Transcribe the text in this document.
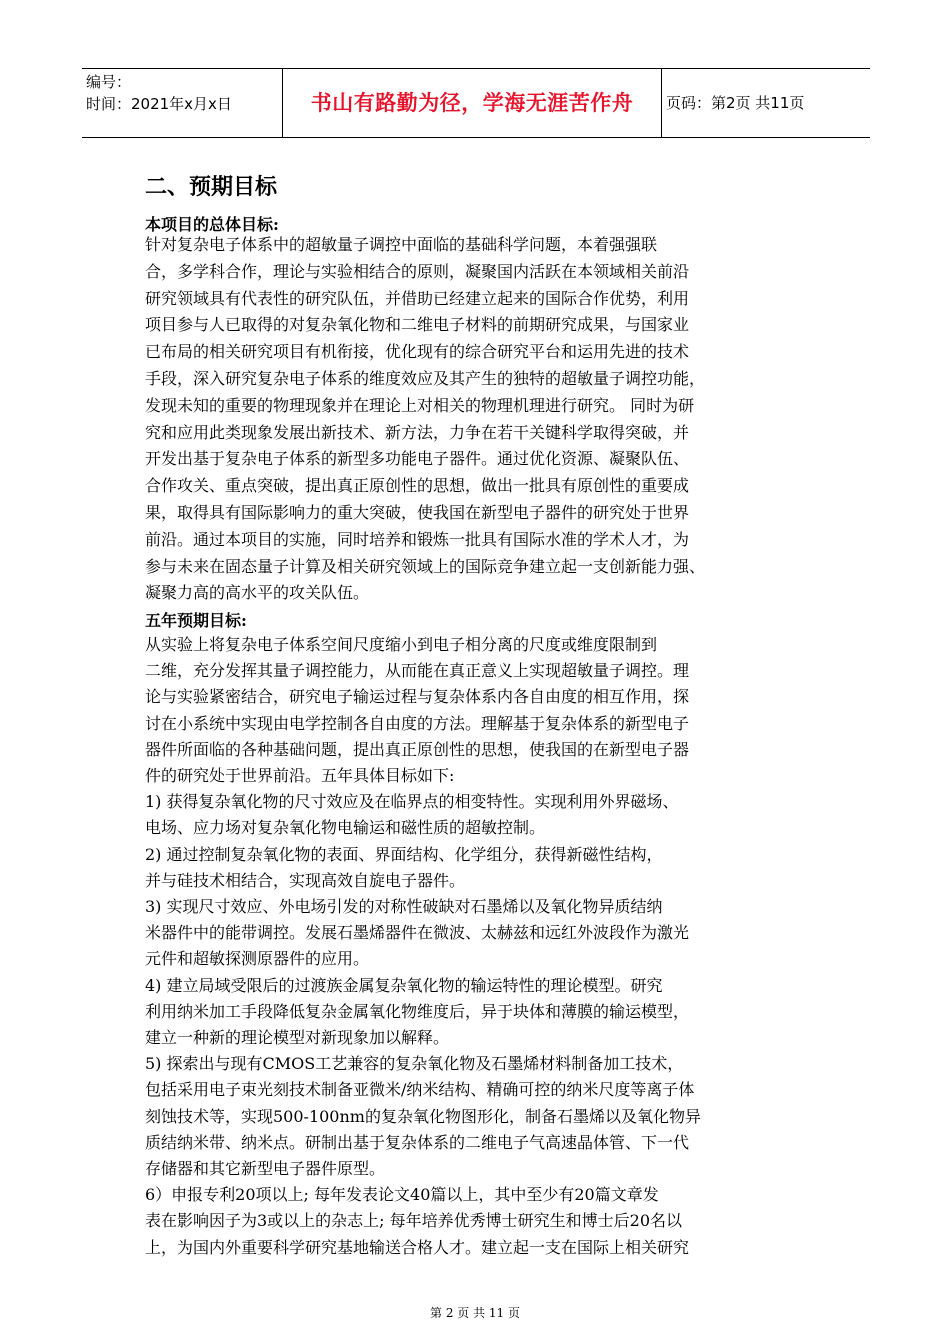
编号：
时间：2021年x月x日	书山有路勤为径，学海无涯苦作舟	页码：第2页 共11页
二、预期目标
本项目的总体目标:
针对复杂电子体系中的超敏量子调控中面临的基础科学问题，本着强强联
合，多学科合作，理论与实验相结合的原则，凝聚国内活跃在本领域相关前沿
研究领域具有代表性的研究队伍，并借助已经建立起来的国际合作优势，利用
项目参与人已取得的对复杂氧化物和二维电子材料的前期研究成果，与国家业
已布局的相关研究项目有机衔接，优化现有的综合研究平台和运用先进的技术
手段，深入研究复杂电子体系的维度效应及其产生的独特的超敏量子调控功能，
发现未知的重要的物理现象并在理论上对相关的物理机理进行研究。 同时为研
究和应用此类现象发展出新技术、新方法，力争在若干关键科学取得突破，并
开发出基于复杂电子体系的新型多功能电子器件。通过优化资源、凝聚队伍、
合作攻关、重点突破，提出真正原创性的思想，做出一批具有原创性的重要成
果，取得具有国际影响力的重大突破，使我国在新型电子器件的研究处于世界
前沿。通过本项目的实施，同时培养和锻炼一批具有国际水准的学术人才，为
参与未来在固态量子计算及相关研究领域上的国际竞争建立起一支创新能力强、
凝聚力高的高水平的攻关队伍。
五年预期目标:
从实验上将复杂电子体系空间尺度缩小到电子相分离的尺度或维度限制到
二维，充分发挥其量子调控能力，从而能在真正意义上实现超敏量子调控。理
论与实验紧密结合，研究电子输运过程与复杂体系内各自由度的相互作用，探
讨在小系统中实现由电学控制各自由度的方法。理解基于复杂体系的新型电子
器件所面临的各种基础问题，提出真正原创性的思想，使我国的在新型电子器
件的研究处于世界前沿。五年具体目标如下:
1) 获得复杂氧化物的尺寸效应及在临界点的相变特性。实现利用外界磁场、
电场、应力场对复杂氧化物电输运和磁性质的超敏控制。
2) 通过控制复杂氧化物的表面、界面结构、化学组分，获得新磁性结构，
并与硅技术相结合，实现高效自旋电子器件。
3) 实现尺寸效应、外电场引发的对称性破缺对石墨烯以及氧化物异质结纳
米器件中的能带调控。发展石墨烯器件在微波、太赫兹和远红外波段作为激光
元件和超敏探测原器件的应用。
4) 建立局域受限后的过渡族金属复杂氧化物的输运特性的理论模型。研究
利用纳米加工手段降低复杂金属氧化物维度后，异于块体和薄膜的输运模型，
建立一种新的理论模型对新现象加以解释。
5) 探索出与现有CMOS工艺兼容的复杂氧化物及石墨烯材料制备加工技术，
包括采用电子束光刻技术制备亚微米/纳米结构、精确可控的纳米尺度等离子体
刻蚀技术等，实现500-100nm的复杂氧化物图形化，制备石墨烯以及氧化物异
质结纳米带、纳米点。研制出基于复杂体系的二维电子气高速晶体管、下一代
存储器和其它新型电子器件原型。
6）申报专利20项以上; 每年发表论文40篇以上，其中至少有20篇文章发
表在影响因子为3或以上的杂志上; 每年培养优秀博士研究生和博士后20名以
上，为国内外重要科学研究基地输送合格人才。建立起一支在国际上相关研究
第 2 页 共 11 页
